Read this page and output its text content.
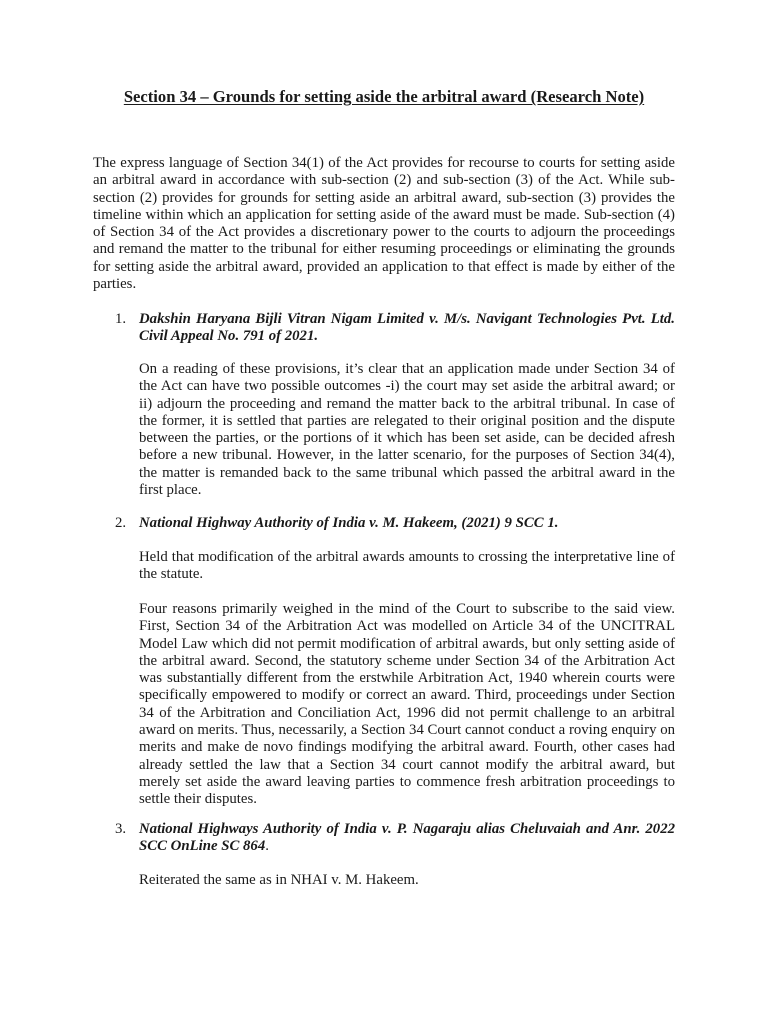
Section 34 – Grounds for setting aside the arbitral award (Research Note)

The express language of Section 34(1) of the Act provides for recourse to courts for setting aside an arbitral award in accordance with sub-section (2) and sub-section (3) of the Act. While sub-section (2) provides for grounds for setting aside an arbitral award, sub-section (3) provides the timeline within which an application for setting aside of the award must be made. Sub-section (4) of Section 34 of the Act provides a discretionary power to the courts to adjourn the proceedings and remand the matter to the tribunal for either resuming proceedings or eliminating the grounds for setting aside the arbitral award, provided an application to that effect is made by either of the parties.

1. Dakshin Haryana Bijli Vitran Nigam Limited v. M/s. Navigant Technologies Pvt. Ltd. Civil Appeal No. 791 of 2021.

On a reading of these provisions, it’s clear that an application made under Section 34 of the Act can have two possible outcomes -i) the court may set aside the arbitral award; or ii) adjourn the proceeding and remand the matter back to the arbitral tribunal. In case of the former, it is settled that parties are relegated to their original position and the dispute between the parties, or the portions of it which has been set aside, can be decided afresh before a new tribunal. However, in the latter scenario, for the purposes of Section 34(4), the matter is remanded back to the same tribunal which passed the arbitral award in the first place.

2. National Highway Authority of India v. M. Hakeem, (2021) 9 SCC 1.

Held that modification of the arbitral awards amounts to crossing the interpretative line of the statute.

Four reasons primarily weighed in the mind of the Court to subscribe to the said view. First, Section 34 of the Arbitration Act was modelled on Article 34 of the UNCITRAL Model Law which did not permit modification of arbitral awards, but only setting aside of the arbitral award. Second, the statutory scheme under Section 34 of the Arbitration Act was substantially different from the erstwhile Arbitration Act, 1940 wherein courts were specifically empowered to modify or correct an award. Third, proceedings under Section 34 of the Arbitration and Conciliation Act, 1996 did not permit challenge to an arbitral award on merits. Thus, necessarily, a Section 34 Court cannot conduct a roving enquiry on merits and make de novo findings modifying the arbitral award. Fourth, other cases had already settled the law that a Section 34 court cannot modify the arbitral award, but merely set aside the award leaving parties to commence fresh arbitration proceedings to settle their disputes.

3. National Highways Authority of India v. P. Nagaraju alias Cheluvaiah and Anr. 2022 SCC OnLine SC 864.

Reiterated the same as in NHAI v. M. Hakeem.
